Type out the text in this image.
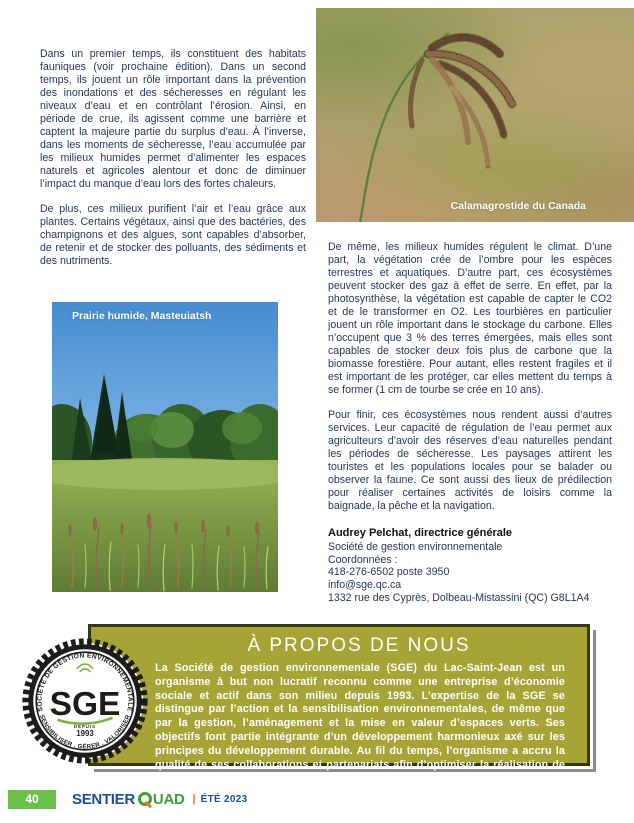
Dans un premier temps, ils constituent des habitats fauniques (voir prochaine édition). Dans un second temps, ils jouent un rôle important dans la prévention des inondations et des sécheresses en régulant les niveaux d’eau et en contrôlant l’érosion. Ainsi, en période de crue, ils agissent comme une barrière et captent la majeure partie du surplus d’eau. À l’inverse, dans les moments de sécheresse, l’eau accumulée par les milieux humides permet d’alimenter les espaces naturels et agricoles alentour et donc de diminuer l’impact du manque d’eau lors des fortes chaleurs.

De plus, ces milieux purifient l’air et l’eau grâce aux plantes. Certains végétaux, ainsi que des bactéries, des champignons et des algues, sont capables d’absorber, de retenir et de stocker des polluants, des sédiments et des nutriments.

Calamagrostide du Canada

De même, les milieux humides régulent le climat. D’une part, la végétation crée de l’ombre pour les espèces terrestres et aquatiques. D’autre part, ces écosystèmes peuvent stocker des gaz à effet de serre. En effet, par la photosynthèse, la végétation est capable de capter le CO2 et de le transformer en O2. Les tourbières en particulier jouent un rôle important dans le stockage du carbone. Elles n’occupent que 3 % des terres émergées, mais elles sont capables de stocker deux fois plus de carbone que la biomasse forestière. Pour autant, elles restent fragiles et il est important de les protéger, car elles mettent du temps à se former (1 cm de tourbe se crée en 10 ans).

Pour finir, ces écosystèmes nous rendent aussi d’autres services. Leur capacité de régulation de l’eau permet aux agriculteurs d’avoir des réserves d’eau naturelles pendant les périodes de sécheresse. Les paysages attirent les touristes et les populations locales pour se balader ou observer la faune. Ce sont aussi des lieux de prédilection pour réaliser certaines activités de loisirs comme la baignade, la pêche et la navigation.

Audrey Pelchat, directrice générale
Société de gestion environnementale
Coordonnées :
418-276-6502 poste 3950
info@sge.qc.ca
1332 rue des Cyprès, Dolbeau-Mistassini (QC) G8L1A4
Prairie humide, Masteuiatsh
À PROPOS DE NOUS

La Société de gestion environnementale (SGE) du Lac-Saint-Jean est un organisme à but non lucratif reconnu comme une entreprise d’économie sociale et actif dans son milieu depuis 1993. L’expertise de la SGE se distingue par l’action et la sensibilisation environnementales, de même que par la gestion, l’aménagement et la mise en valeur d’espaces verts. Ses objectifs font partie intégrante d’un développement harmonieux axé sur les principes du développement durable. Au fil du temps, l’organisme a accru la qualité de ses collaborations et partenariats afin d’optimiser la réalisation de ses différents projets.

SOCIÉTÉ DE GESTION ENVIRONNEMENTALE
SGE
DEPUIS
1993
SENSIBILISER . GÉRER . VALORISER
40	SENTIER UAD | ÉTÉ 2023
